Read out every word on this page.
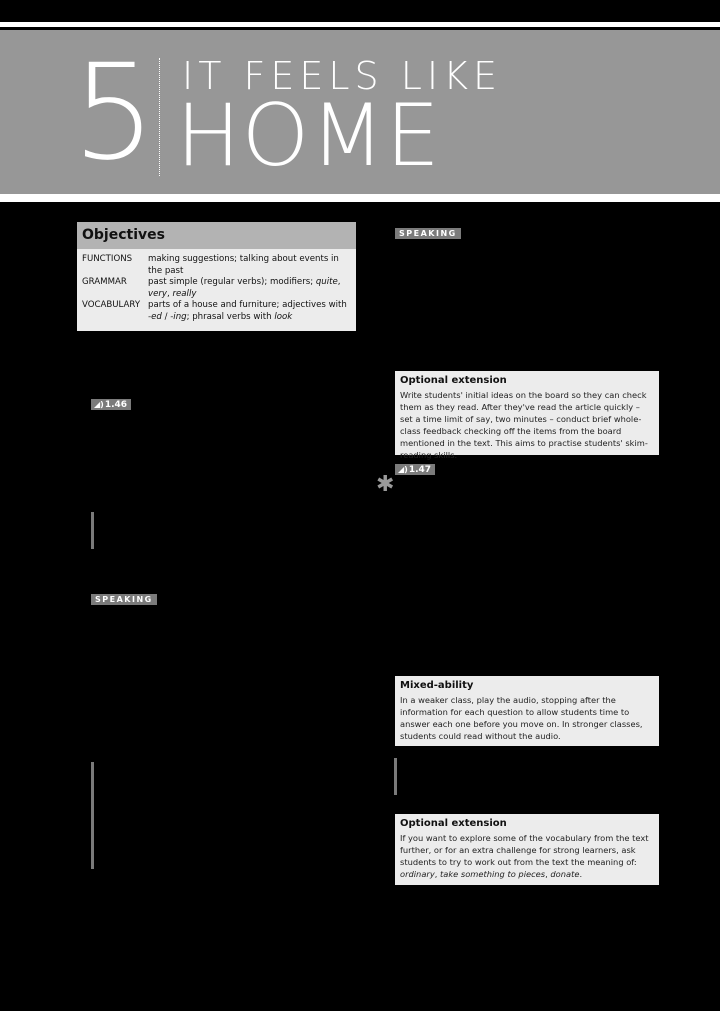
5 IT FEELS LIKE
HOME
Objectives
FUNCTIONS	making suggestions; talking about events in the past
GRAMMAR	past simple (regular verbs); modifiers; quite, very, really
VOCABULARY parts of a house and furniture; adjectives with -ed / -ing; phrasal verbs with look
SPEAKING
◢)1.46
Optional extension

Write students' initial ideas on the board so they can check them as they read. After they've read the article quickly – set a time limit of say, two minutes – conduct brief whole-class feedback checking off the items from the board mentioned in the text. This aims to practise students' skim-reading skills.

◢)1.47
✱
SPEAKING
Mixed-ability

In a weaker class, play the audio, stopping after the information for each question to allow students time to answer each one before you move on. In stronger classes, students could read without the audio.

Optional extension

If you want to explore some of the vocabulary from the text further, or for an extra challenge for strong learners, ask students to try to work out from the text the meaning of: ordinary, take something to pieces, donate.
